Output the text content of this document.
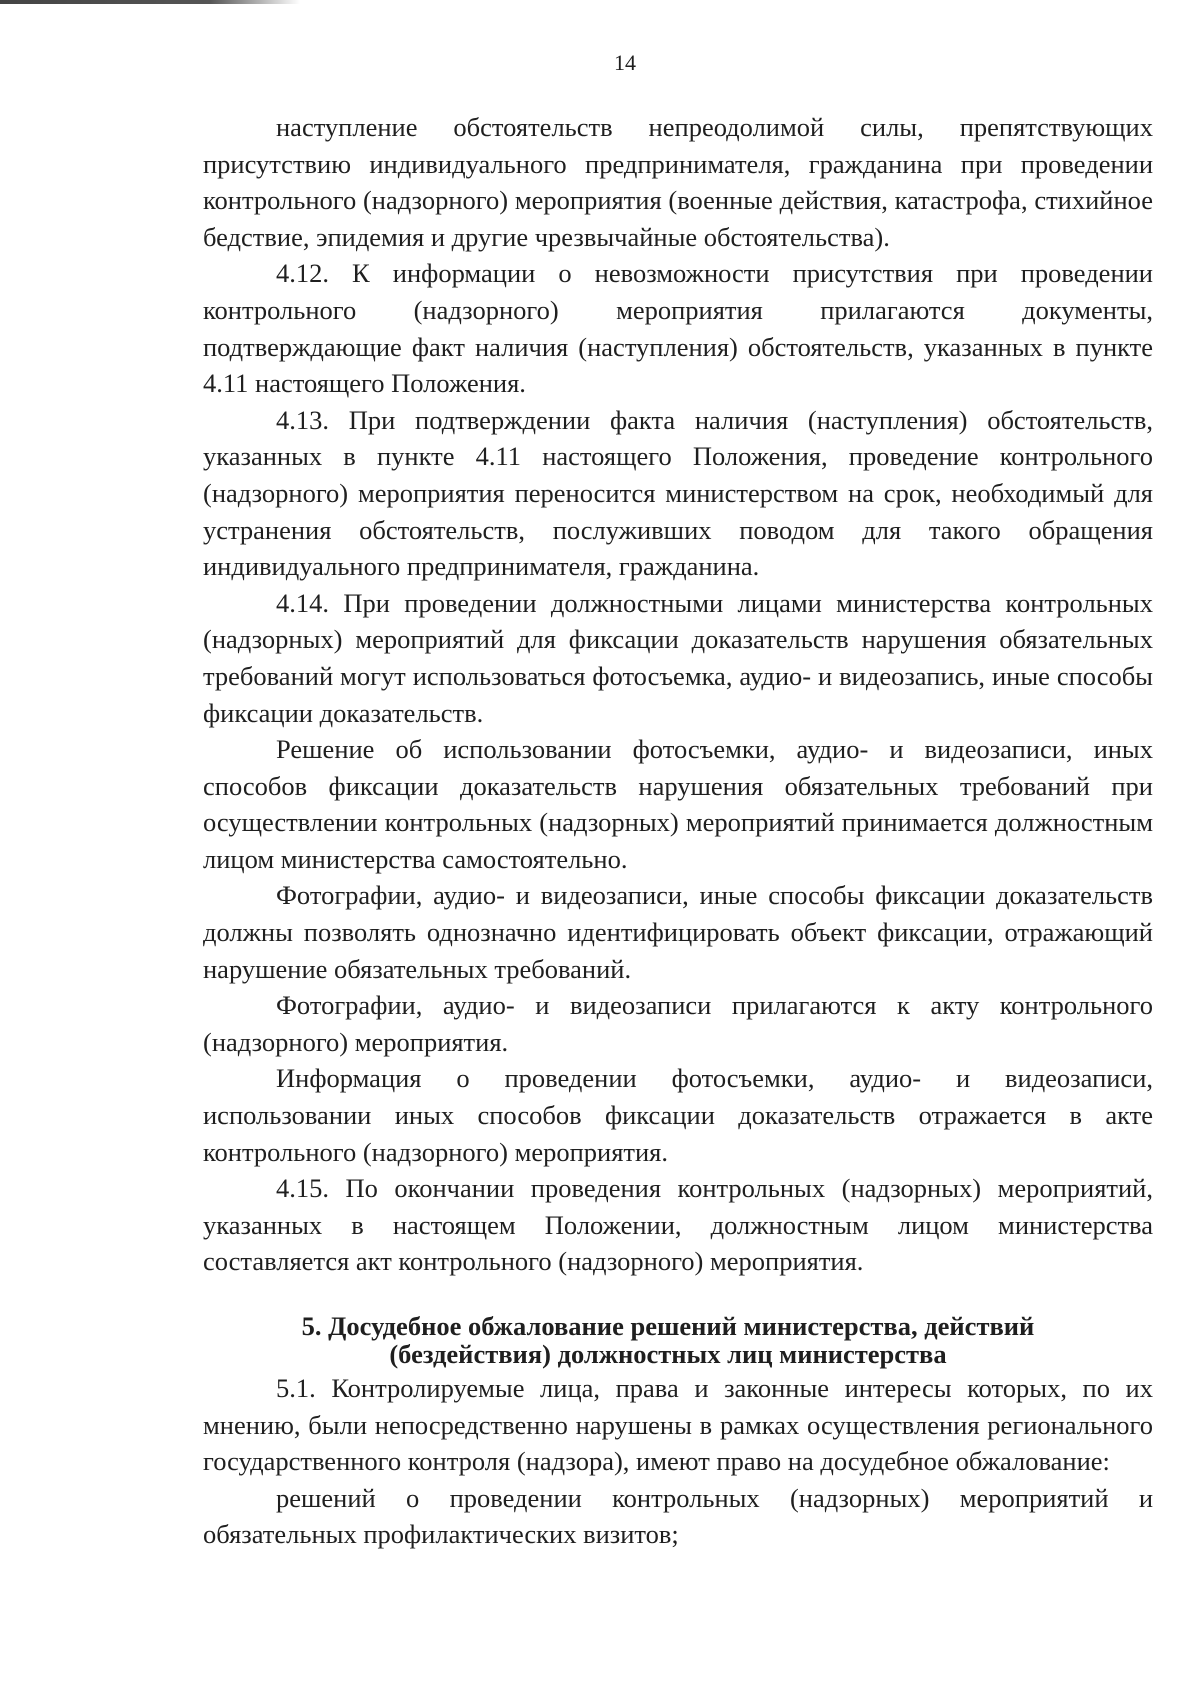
14

наступление обстоятельств непреодолимой силы, препятствующих присутствию индивидуального предпринимателя, гражданина при проведении контрольного (надзорного) мероприятия (военные действия, катастрофа, стихийное бедствие, эпидемия и другие чрезвычайные обстоятельства).

4.12. К информации о невозможности присутствия при проведении контрольного (надзорного) мероприятия прилагаются документы, подтверждающие факт наличия (наступления) обстоятельств, указанных в пункте 4.11 настоящего Положения.

4.13. При подтверждении факта наличия (наступления) обстоятельств, указанных в пункте 4.11 настоящего Положения, проведение контрольного (надзорного) мероприятия переносится министерством на срок, необходимый для устранения обстоятельств, послуживших поводом для такого обращения индивидуального предпринимателя, гражданина.

4.14. При проведении должностными лицами министерства контрольных (надзорных) мероприятий для фиксации доказательств нарушения обязательных требований могут использоваться фотосъемка, аудио- и видеозапись, иные способы фиксации доказательств.

Решение об использовании фотосъемки, аудио- и видеозаписи, иных способов фиксации доказательств нарушения обязательных требований при осуществлении контрольных (надзорных) мероприятий принимается должностным лицом министерства самостоятельно.

Фотографии, аудио- и видеозаписи, иные способы фиксации доказательств должны позволять однозначно идентифицировать объект фиксации, отражающий нарушение обязательных требований.

Фотографии, аудио- и видеозаписи прилагаются к акту контрольного (надзорного) мероприятия.

Информация о проведении фотосъемки, аудио- и видеозаписи, использовании иных способов фиксации доказательств отражается в акте контрольного (надзорного) мероприятия.

4.15. По окончании проведения контрольных (надзорных) мероприятий, указанных в настоящем Положении, должностным лицом министерства составляется акт контрольного (надзорного) мероприятия.

5. Досудебное обжалование решений министерства, действий (бездействия) должностных лиц министерства

5.1. Контролируемые лица, права и законные интересы которых, по их мнению, были непосредственно нарушены в рамках осуществления регионального государственного контроля (надзора), имеют право на досудебное обжалование:

решений о проведении контрольных (надзорных) мероприятий и обязательных профилактических визитов;
